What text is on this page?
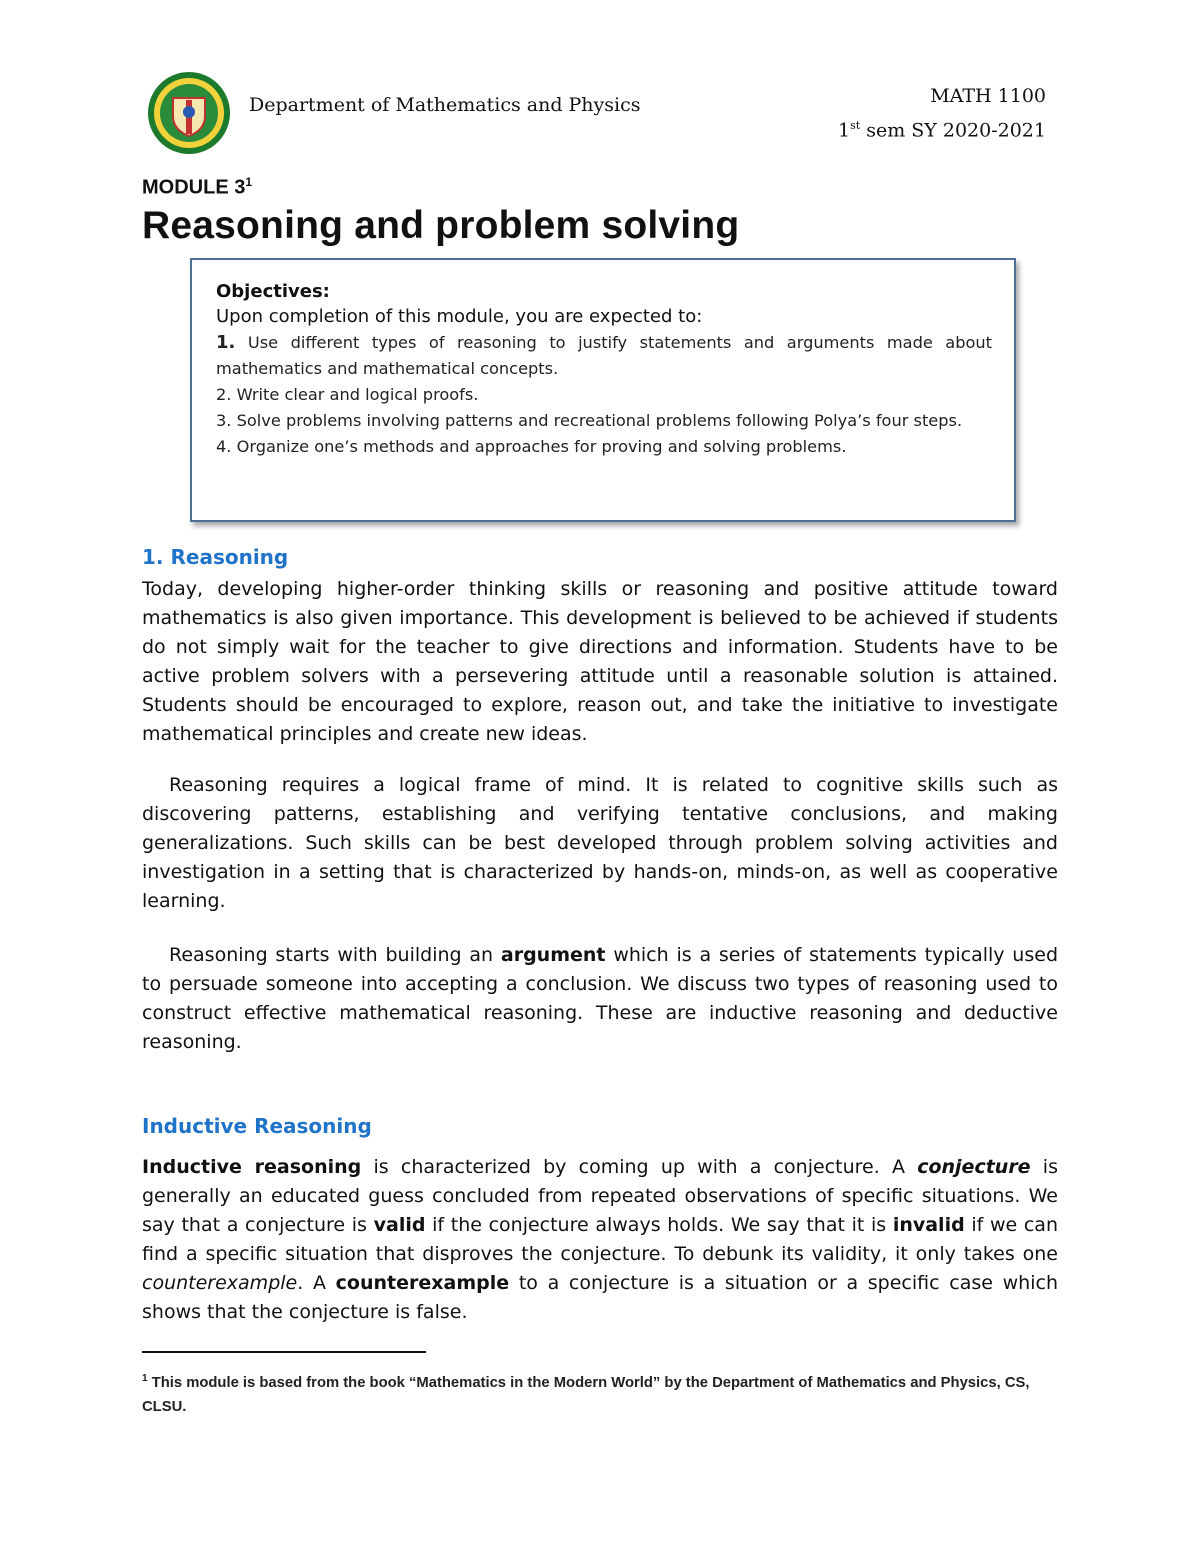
Department of Mathematics and Physics	MATH 1100
1st sem SY 2020-2021
MODULE $3^1$
Reasoning and problem solving

Objectives:

Upon completion of this module, you are expected to:

1. Use different types of reasoning to justify statements and arguments made about mathematics and mathematical concepts.

2. Write clear and logical proofs.

3. Solve problems involving patterns and recreational problems following Polya’s four steps.

4. Organize one’s methods and approaches for proving and solving problems.

1. Reasoning

Today, developing higher-order thinking skills or reasoning and positive attitude toward mathematics is also given importance. This development is believed to be achieved if students do not simply wait for the teacher to give directions and information. Students have to be active problem solvers with a persevering attitude until a reasonable solution is attained. Students should be encouraged to explore, reason out, and take the initiative to investigate mathematical principles and create new ideas.

Reasoning requires a logical frame of mind. It is related to cognitive skills such as discovering patterns, establishing and verifying tentative conclusions, and making generalizations. Such skills can be best developed through problem solving activities and investigation in a setting that is characterized by hands-on, minds-on, as well as cooperative learning.

Reasoning starts with building an argument which is a series of statements typically used to persuade someone into accepting a conclusion. We discuss two types of reasoning used to construct effective mathematical reasoning. These are inductive reasoning and deductive reasoning.

Inductive Reasoning

Inductive reasoning is characterized by coming up with a conjecture. A conjecture is generally an educated guess concluded from repeated observations of specific situations. We say that a conjecture is valid if the conjecture always holds. We say that it is invalid if we can find a specific situation that disproves the conjecture. To debunk its validity, it only takes one counterexample. A counterexample to a conjecture is a situation or a specific case which shows that the conjecture is false.

$^1$ This module is based from the book “Mathematics in the Modern World” by the Department of Mathematics and Physics, CS, CLSU.
